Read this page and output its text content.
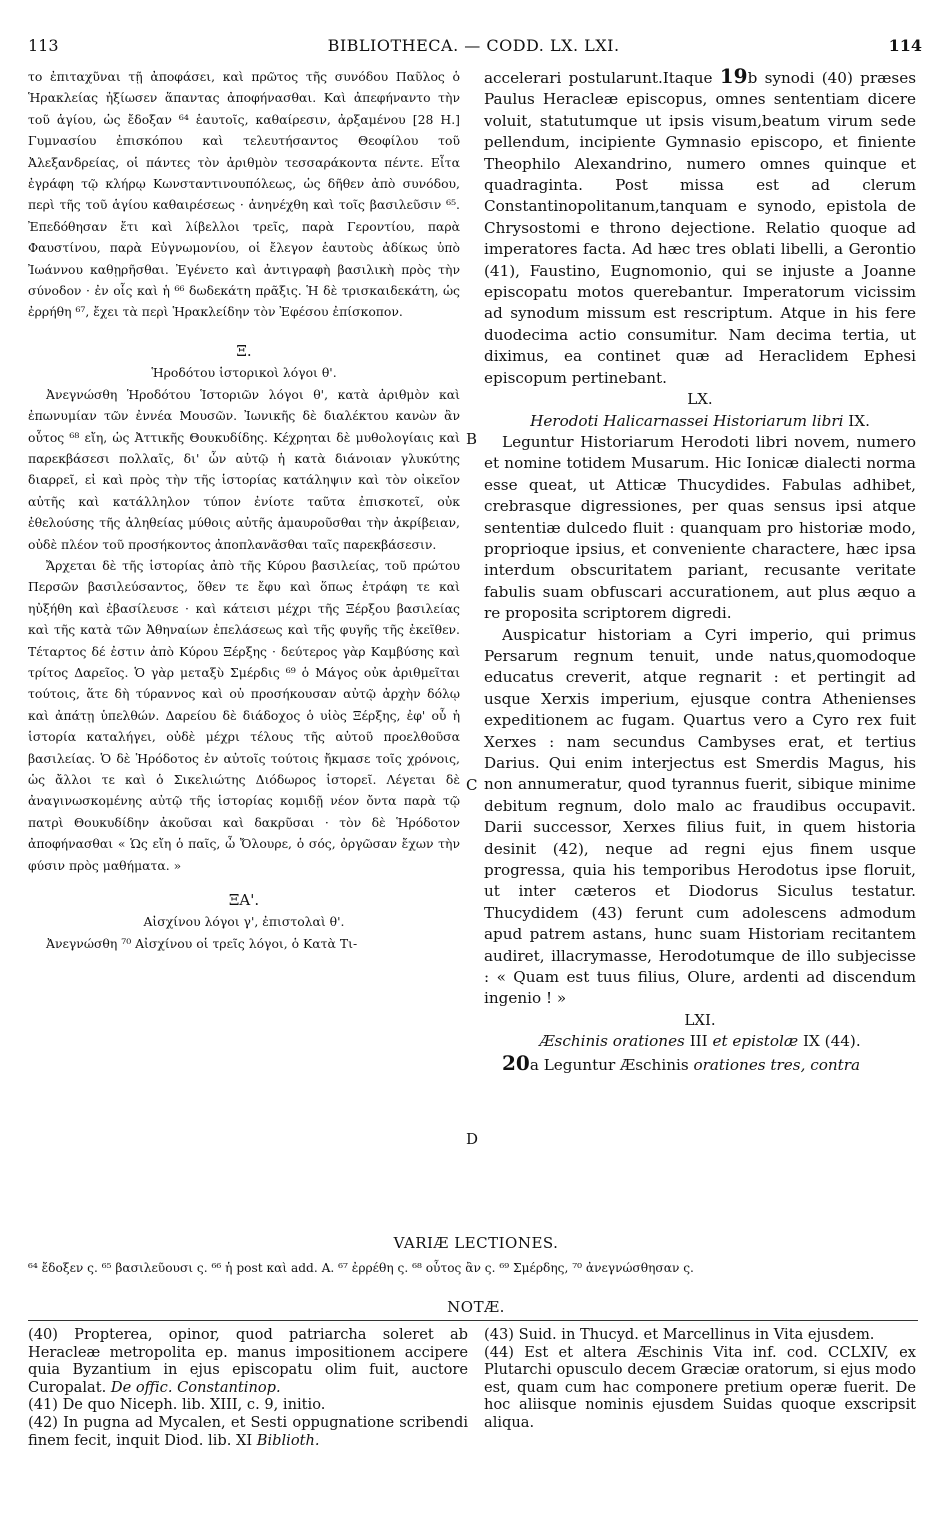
113	BIBLIOTHECA. — CODD. LX. LXI.	114

το ἐπιταχῦναι τῇ ἀποφάσει, καὶ πρῶτος τῆς συνόδου Παῦλος ὁ Ἡρακλείας ἠξίωσεν ἅπαντας ἀποφήνασθαι. Καὶ ἀπεφήναντο τὴν τοῦ ἁγίου, ὡς ἔδοξαν ⁶⁴ ἑαυτοῖς, καθαίρεσιν, ἀρξαμένου [28 Η.] Γυμνασίου ἐπισκόπου καὶ τελευτήσαντος Θεοφίλου τοῦ Ἀλεξανδρείας, οἱ πάντες τὸν ἀριθμὸν τεσσαράκοντα πέντε. Εἶτα ἐγράφη τῷ κλήρῳ Κωνσταντινουπόλεως, ὡς δῆθεν ἀπὸ συνόδου, περὶ τῆς τοῦ ἁγίου καθαιρέσεως · ἀνηνέχθη καὶ τοῖς βασιλεῦσιν ⁶⁵. Ἐπεδόθησαν ἔτι καὶ λίβελλοι τρεῖς, παρὰ Γεροντίου, παρὰ Φαυστίνου, παρὰ Εὐγνωμονίου, οἱ ἔλεγον ἑαυτοὺς ἀδίκως ὑπὸ Ἰωάννου καθῃρῆσθαι. Ἐγένετο καὶ ἀντιγραφὴ βασιλικὴ πρὸς τὴν σύνοδον · ἐν οἷς καὶ ἡ ⁶⁶ δωδεκάτη πρᾶξις. Ἡ δὲ τρισκαιδεκάτη, ὡς ἐρρήθη ⁶⁷, ἔχει τὰ περὶ Ἡρακλείδην τὸν Ἐφέσου ἐπίσκοπον.

Ξ.

Ἡροδότου ἱστορικοὶ λόγοι θ'.

Ἀνεγνώσθη Ἡροδότου Ἱστοριῶν λόγοι θ', κατὰ ἀριθμὸν καὶ ἐπωνυμίαν τῶν ἐννέα Μουσῶν. Ἰωνικῆς δὲ διαλέκτου κανὼν ἂν οὗτος ⁶⁸ εἴη, ὡς Ἀττικῆς Θουκυδίδης. Κέχρηται δὲ μυθολογίαις καὶ παρεκβάσεσι πολλαῖς, δι' ὧν αὐτῷ ἡ κατὰ διάνοιαν γλυκύτης διαρρεῖ, εἰ καὶ πρὸς τὴν τῆς ἱστορίας κατάληψιν καὶ τὸν οἰκεῖον αὐτῆς καὶ κατάλληλον τύπον ἐνίοτε ταῦτα ἐπισκοτεῖ, οὐκ ἐθελούσης τῆς ἀληθείας μύθοις αὐτῆς ἀμαυροῦσθαι τὴν ἀκρίβειαν, οὐδὲ πλέον τοῦ προσήκοντος ἀποπλανᾶσθαι ταῖς παρεκβάσεσιν.

Ἄρχεται δὲ τῆς ἱστορίας ἀπὸ τῆς Κύρου βασιλείας, τοῦ πρώτου Περσῶν βασιλεύσαντος, ὅθεν τε ἔφυ καὶ ὅπως ἐτράφη τε καὶ ηὐξήθη καὶ ἐβασίλευσε · καὶ κάτεισι μέχρι τῆς Ξέρξου βασιλείας καὶ τῆς κατὰ τῶν Ἀθηναίων ἐπελάσεως καὶ τῆς φυγῆς τῆς ἐκεῖθεν. Τέταρτος δέ ἐστιν ἀπὸ Κύρου Ξέρξης · δεύτερος γὰρ Καμβύσης καὶ τρίτος Δαρεῖος. Ὁ γὰρ μεταξὺ Σμέρδις ⁶⁹ ὁ Μάγος οὐκ ἀριθμεῖται τούτοις, ἅτε δὴ τύραννος καὶ οὐ προσήκουσαν αὐτῷ ἀρχὴν δόλῳ καὶ ἀπάτῃ ὑπελθών. Δαρείου δὲ διάδοχος ὁ υἱὸς Ξέρξης, ἐφ' οὗ ἡ ἱστορία καταλήγει, οὐδὲ μέχρι τέλους τῆς αὐτοῦ προελθοῦσα βασιλείας. Ὁ δὲ Ἡρόδοτος ἐν αὐτοῖς τούτοις ἤκμασε τοῖς χρόνοις, ὡς ἄλλοι τε καὶ ὁ Σικελιώτης Διόδωρος ἱστορεῖ. Λέγεται δὲ ἀναγινωσκομένης αὐτῷ τῆς ἱστορίας κομιδῇ νέον ὄντα παρὰ τῷ πατρὶ Θουκυδίδην ἀκοῦσαι καὶ δακρῦσαι · τὸν δὲ Ἡρόδοτον ἀποφήνασθαι « Ὡς εἴη ὁ παῖς, ὦ Ὄλουρε, ὁ σός, ὀργῶσαν ἔχων τὴν φύσιν πρὸς μαθήματα. »

ΞΑ'.

Αἰσχίνου λόγοι γ', ἐπιστολαὶ θ'.

Ἀνεγνώσθη ⁷⁰ Αἰσχίνου οἱ τρεῖς λόγοι, ὁ Κατὰ Τι-

accelerari postularunt.Itaque 19b synodi (40) præses Paulus Heracleæ episcopus, omnes sententiam dicere voluit, statutumque ut ipsis visum,beatum virum sede pellendum, incipiente Gymnasio episcopo, et finiente Theophilo Alexandrino, numero omnes quinque et quadraginta. Post missa est ad clerum Constantinopolitanum,tanquam e synodo, epistola de Chrysostomi e throno dejectione. Relatio quoque ad imperatores facta. Ad hæc tres oblati libelli, a Gerontio (41), Faustino, Eugnomonio, qui se injuste a Joanne episcopatu motos querebantur. Imperatorum vicissim ad synodum missum est rescriptum. Atque in his fere duodecima actio consumitur. Nam decima tertia, ut diximus, ea continet quæ ad Heraclidem Ephesi episcopum pertinebant.

LX.

Herodoti Halicarnassei Historiarum libri IX.

Leguntur Historiarum Herodoti libri novem, numero et nomine totidem Musarum. Hic Ionicæ dialecti norma esse queat, ut Atticæ Thucydides. Fabulas adhibet, crebrasque digressiones, per quas sensus ipsi atque sententiæ dulcedo fluit : quanquam pro historiæ modo, proprioque ipsius, et conveniente charactere, hæc ipsa interdum obscuritatem pariant, recusante veritate fabulis suam obfuscari accurationem, aut plus æquo a re proposita scriptorem digredi.

Auspicatur historiam a Cyri imperio, qui primus Persarum regnum tenuit, unde natus,quomodoque educatus creverit, atque regnarit : et pertingit ad usque Xerxis imperium, ejusque contra Athenienses expeditionem ac fugam. Quartus vero a Cyro rex fuit Xerxes : nam secundus Cambyses erat, et tertius Darius. Qui enim interjectus est Smerdis Magus, his non annumeratur, quod tyrannus fuerit, sibique minime debitum regnum, dolo malo ac fraudibus occupavit. Darii successor, Xerxes filius fuit, in quem historia desinit (42), neque ad regni ejus finem usque progressa, quia his temporibus Herodotus ipse floruit, ut inter cæteros et Diodorus Siculus testatur. Thucydidem (43) ferunt cum adolescens admodum apud patrem astans, hunc suam Historiam recitantem audiret, illacrymasse, Herodotumque de illo subjecisse : « Quam est tuus filius, Olure, ardenti ad discendum ingenio ! »

LXI.

Æschinis orationes III et epistolæ IX (44).

20a Leguntur Æschinis orationes tres, contra

B
C
D
VARIÆ LECTIONES.
⁶⁴ ἔδοξεν ς. ⁶⁵ βασιλεῦουσι ς. ⁶⁶ ἡ post καὶ add. A. ⁶⁷ ἐρρέθη ς. ⁶⁸ οὗτος ἂν ς. ⁶⁹ Σμέρδης, ⁷⁰ ἀνεγνώσθησαν ς.
NOTÆ.

(40) Propterea, opinor, quod patriarcha soleret ab Heracleæ metropolita ep. manus impositionem accipere quia Byzantium in ejus episcopatu olim fuit, auctore Curopalat. De offic. Constantinop.

(41) De quo Niceph. lib. XIII, c. 9, initio.

(42) In pugna ad Mycalen, et Sesti oppugnatione scribendi finem fecit, inquit Diod. lib. XI Biblioth.

(43) Suid. in Thucyd. et Marcellinus in Vita ejusdem.

(44) Est et altera Æschinis Vita inf. cod. CCLXIV, ex Plutarchi opusculo decem Græciæ oratorum, si ejus modo est, quam cum hac componere pretium operæ fuerit. De hoc aliisque nominis ejusdem Suidas quoque exscripsit aliqua.
